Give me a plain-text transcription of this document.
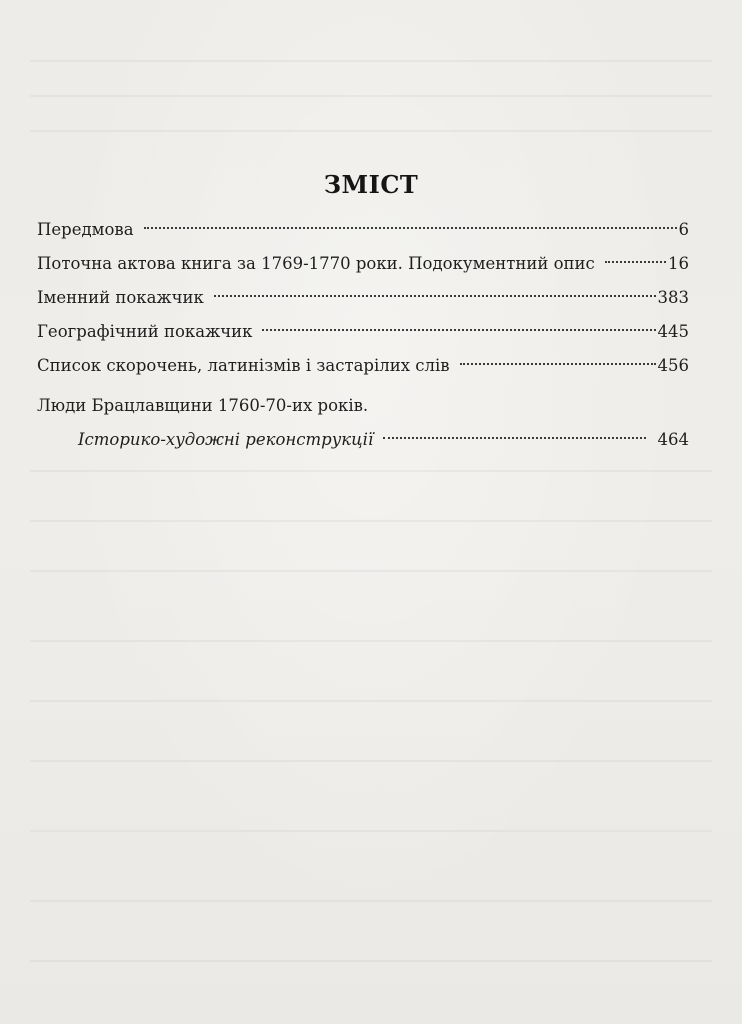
ЗМІСТ
Передмова	6
Поточна актова книга за 1769-1770 роки. Подокументний опис	16
Іменний покажчик	383
Географічний покажчик	445
Список скорочень, латинізмів і застарілих слів	456
Люди Брацлавщини 1760-70-их років.
Історико-художні реконструкції	464
